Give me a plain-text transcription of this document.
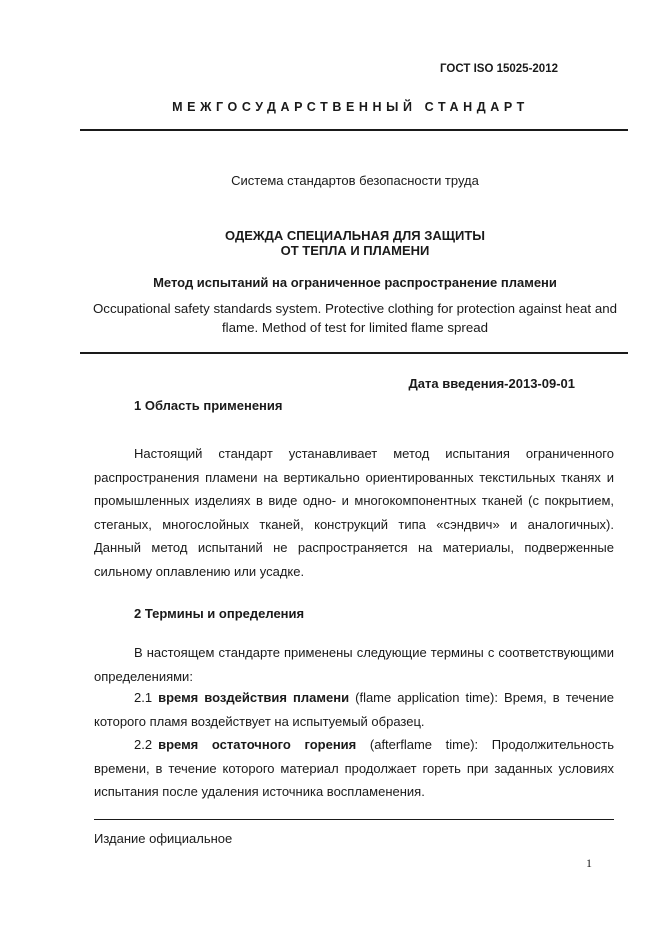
ГОСТ ISO 15025-2012
МЕЖГОСУДАРСТВЕННЫЙ СТАНДАРТ
Система стандартов безопасности труда
ОДЕЖДА СПЕЦИАЛЬНАЯ ДЛЯ ЗАЩИТЫ
ОТ ТЕПЛА И ПЛАМЕНИ
Метод испытаний на ограниченное распространение пламени
Occupational safety standards system. Protective clothing for protection against heat and
flame. Method of test for limited flame spread
Дата введения-2013-09-01
1 Область применения
Настоящий стандарт устанавливает метод испытания ограниченного распространения пламени на вертикально ориентированных текстильных тканях и промышленных изделиях в виде одно- и многокомпонентных тканей (с покрытием, стеганых, многослойных тканей, конструкций типа «сэндвич» и аналогичных). Данный метод испытаний не распространяется на материалы, подверженные сильному оплавлению или усадке.
2 Термины и определения
В настоящем стандарте применены следующие термины с соответствующими определениями:
2.1 время воздействия пламени (flame application time): Время, в течение которого пламя воздействует на испытуемый образец.
2.2 время остаточного горения (afterflame time): Продолжительность времени, в течение которого материал продолжает гореть при заданных условиях испытания после удаления источника воспламенения.
Издание официальное
1
